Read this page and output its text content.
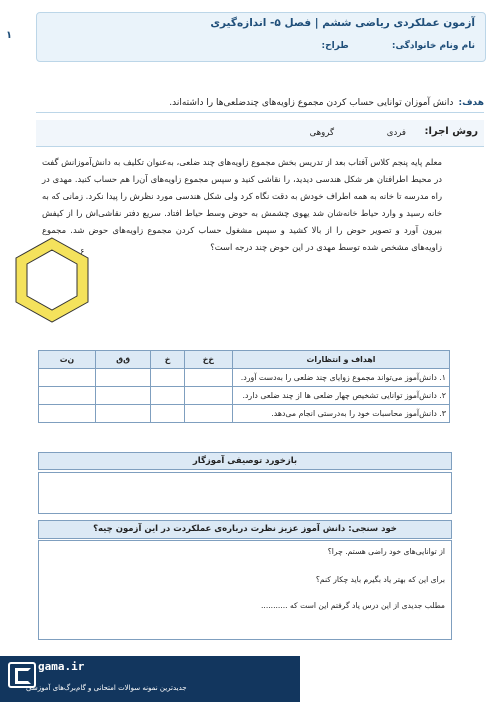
آزمون عملکردی ریاضی ششم | فصل ۵- اندازه‌گیری
نام ونام خانوادگی: طراح:
۱
هدف: دانش آموزان توانایی حساب کردن مجموع زاویه‌های چندضلعی‌ها را داشته‌اند.
روش اجرا:
فردی
گروهی
معلم پایه پنجم کلاس آفتاب بعد از تدریس بخش مجموع زاویه‌های چند ضلعی، به‌عنوان تکلیف به دانش‌آموزانش گفت در محیط اطرافتان هر شکل هندسی دیدید، را نقاشی کنید و سپس مجموع زاویه‌های آن‌را هم حساب کنید. مهدی در راه مدرسه تا خانه به همه اطراف خودش به دقت نگاه کرد ولی شکل هندسی مورد نظرش را پیدا نکرد. زمانی که به خانه رسید و وارد حیاط خانه‌شان شد یهوی چشمش به حوض وسط حیاط افتاد. سریع دفتر نقاشی‌اش را از کیفش بیرون آورد و تصویر حوض را از بالا کشید و سپس مشغول حساب کردن مجموع زاویه‌های حوض شد. مجموع زاویه‌های مشخص شده توسط مهدی در این حوض چند درجه است؟
۶
اهداف و انتظارات	خ‌خ	خ	ق‌ق	ن‌ت
۱. دانش‌آموز می‌تواند مجموع زوایای چند ضلعی را به‌دست آورد.				
۲. دانش‌آموز توانایی تشخیص چهار ضلعی ها از چند ضلعی دارد.				
۳. دانش‌آموز محاسبات خود را به‌درستی انجام می‌دهد.				
بازخورد توصیفی آموزگار
خود سنجی: دانش آموز عزیز نظرت درباره‌ی عملکردت در این آزمون چیه؟
از توانایی‌های خود راضی هستم. چرا؟
برای این که بهتر یاد بگیرم باید چکار کنم؟
مطلب جدیدی از این درس یاد گرفتم این است که ...........
gama.ir
جدیدترین نمونه سوالات امتحانی و گام‌برگ‌های آموزشی
